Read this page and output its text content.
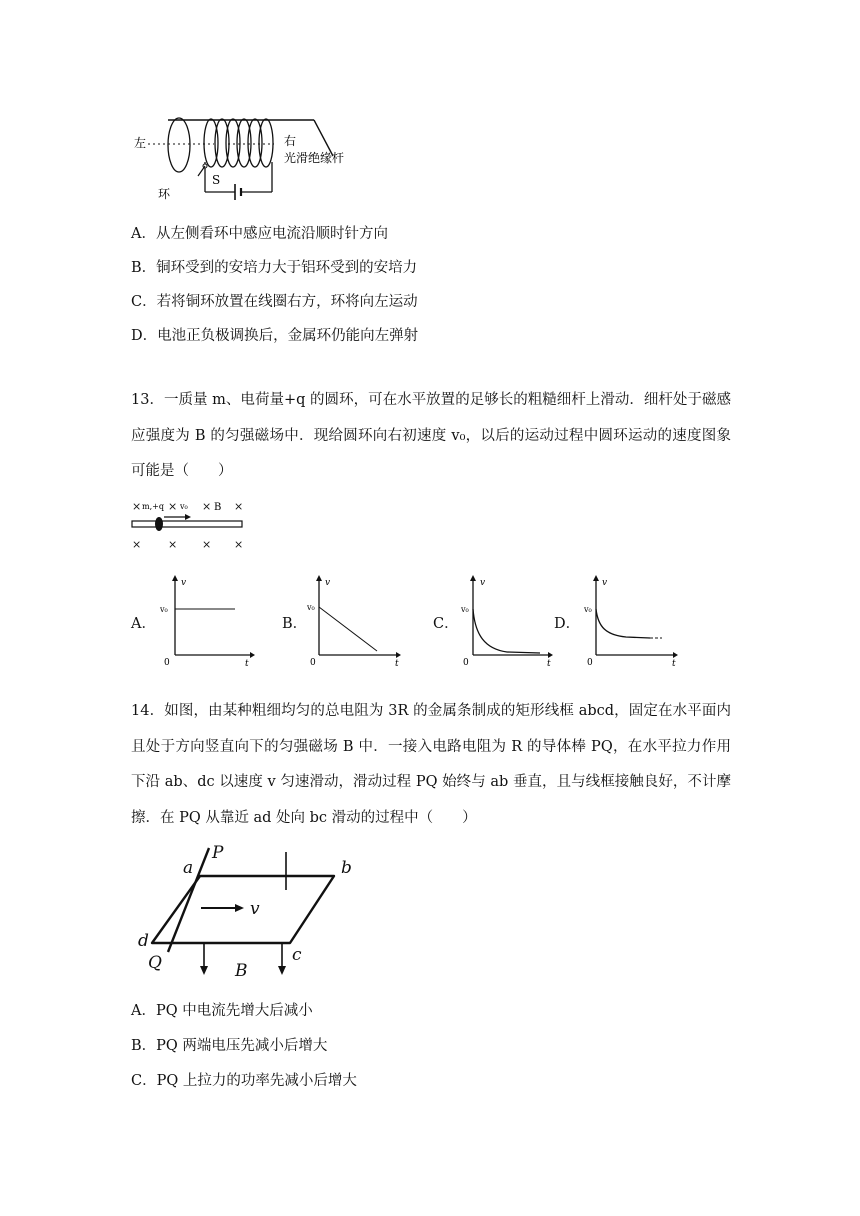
左	右
光滑绝缘杆
环
S
A．从左侧看环中感应电流沿顺时针方向
B．铜环受到的安培力大于铝环受到的安培力
C．若将铜环放置在线圈右方，环将向左运动
D．电池正负极调换后，金属环仍能向左弹射
13．一质量 m、电荷量+q 的圆环，可在水平放置的足够长的粗糙细杆上滑动．细杆处于磁感应强度为 B 的匀强磁场中．现给圆环向右初速度 v₀，以后的运动过程中圆环运动的速度图象可能是（　　）
× × × ×
× × × ×
m,+q v₀	B
A．	B．	C．	D．
v
v₀
0	t
v
v₀
0	t
v
v₀
0	t
v
v₀
0	t
14．如图，由某种粗细均匀的总电阻为 3R 的金属条制成的矩形线框 abcd，固定在水平面内且处于方向竖直向下的匀强磁场 B 中．一接入电路电阻为 R 的导体棒 PQ，在水平拉力作用下沿 ab、dc 以速度 v 匀速滑动，滑动过程 PQ 始终与 ab 垂直，且与线框接触良好，不计摩擦．在 PQ 从靠近 ad 处向 bc 滑动的过程中（　　）
a
P
b
c
d
Q
v
B
A．PQ 中电流先增大后减小
B．PQ 两端电压先减小后增大
C．PQ 上拉力的功率先减小后增大
